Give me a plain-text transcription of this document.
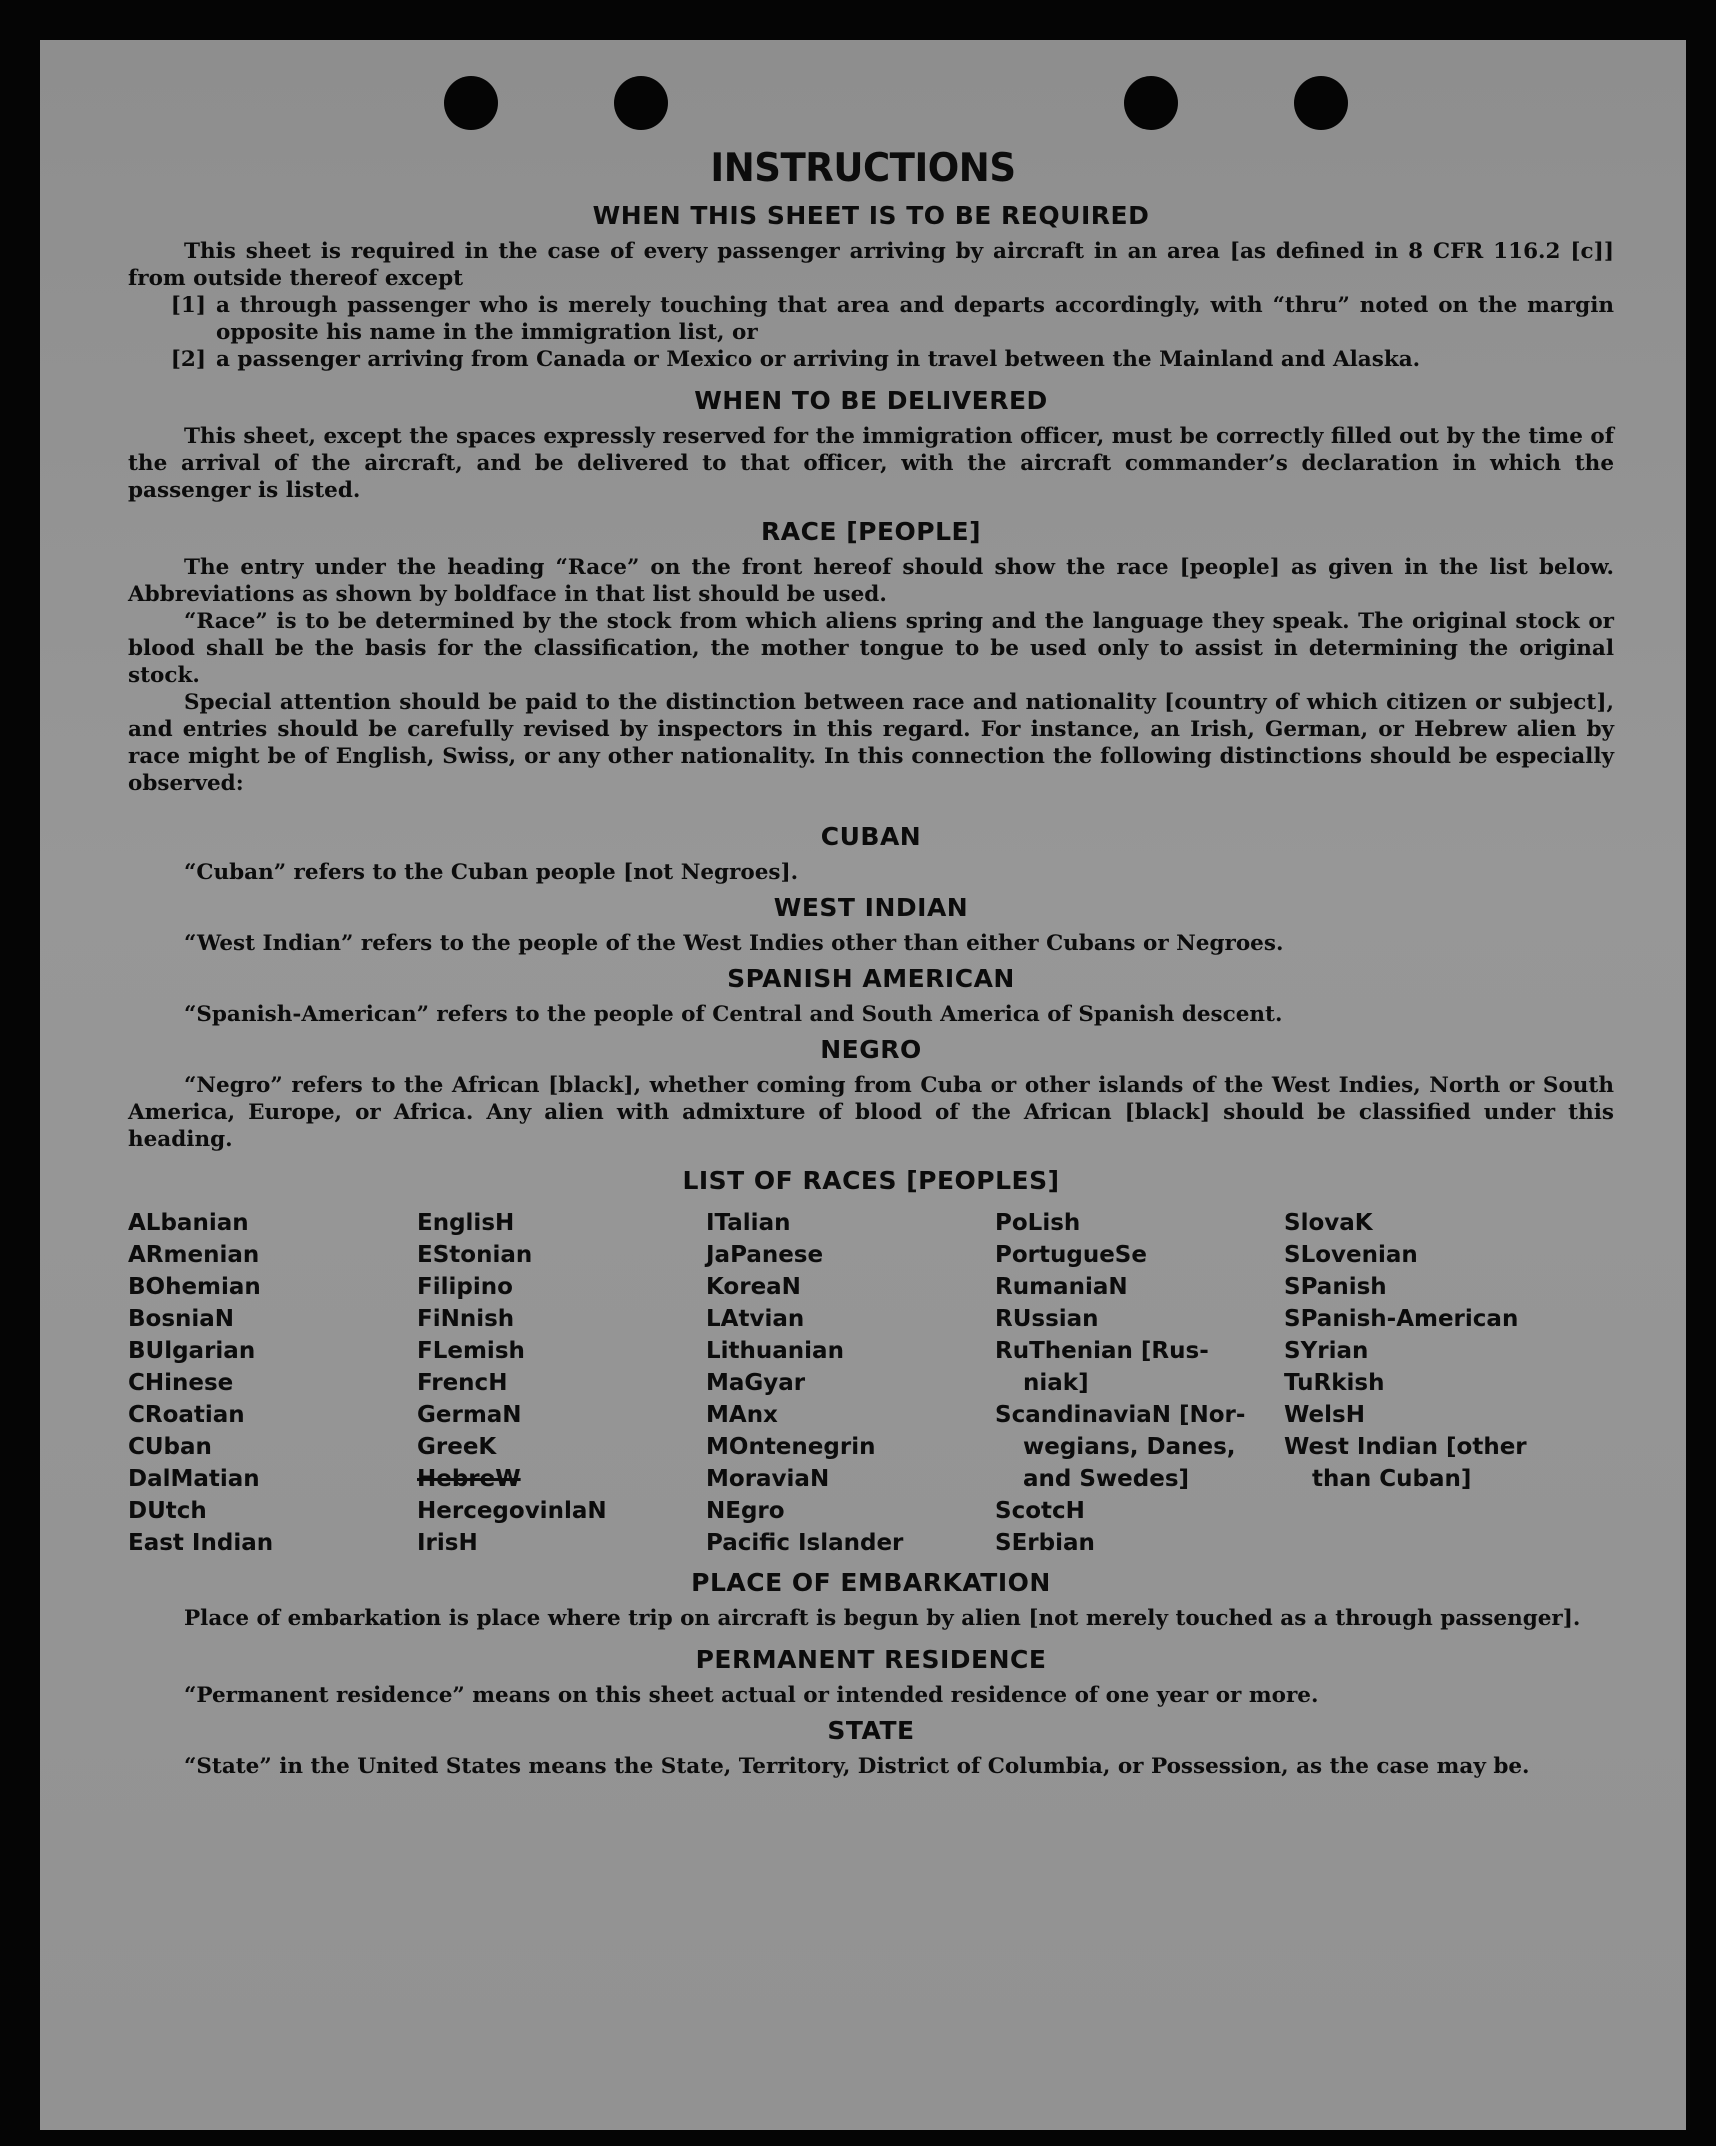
INSTRUCTIONS
WHEN THIS SHEET IS TO BE REQUIRED

This sheet is required in the case of every passenger arriving by aircraft in an area [as defined in 8 CFR 116.2 [c]] from outside thereof except

[1] a through passenger who is merely touching that area and departs accordingly, with “thru” noted on the margin opposite his name in the immigration list, or
[2] a passenger arriving from Canada or Mexico or arriving in travel between the Mainland and Alaska.
WHEN TO BE DELIVERED

This sheet, except the spaces expressly reserved for the immigration officer, must be correctly filled out by the time of the arrival of the aircraft, and be delivered to that officer, with the aircraft commander’s declaration in which the passenger is listed.

RACE [PEOPLE]

The entry under the heading “Race” on the front hereof should show the race [people] as given in the list below. Abbreviations as shown by boldface in that list should be used.

“Race” is to be determined by the stock from which aliens spring and the language they speak. The original stock or blood shall be the basis for the classification, the mother tongue to be used only to assist in determining the original stock.

Special attention should be paid to the distinction between race and nationality [country of which citizen or subject], and entries should be carefully revised by inspectors in this regard. For instance, an Irish, German, or Hebrew alien by race might be of English, Swiss, or any other nationality. In this connection the following distinctions should be especially observed:

CUBAN

“Cuban” refers to the Cuban people [not Negroes].

WEST INDIAN

“West Indian” refers to the people of the West Indies other than either Cubans or Negroes.

SPANISH AMERICAN

“Spanish-American” refers to the people of Central and South America of Spanish descent.

NEGRO

“Negro” refers to the African [black], whether coming from Cuba or other islands of the West Indies, North or South America, Europe, or Africa. Any alien with admixture of blood of the African [black] should be classified under this heading.

LIST OF RACES [PEOPLES]
ALbanian
ARmenian
BOhemian
BosniaN
BUlgarian
CHinese
CRoatian
CUban
DalMatian
DUtch
East Indian
EnglisH
EStonian
Filipino
FiNnish
FLemish
FrencH
GermaN
GreeK
HebreW
HercegovinlaN
IrisH
ITalian
JaPanese
KoreaN
LAtvian
Lithuanian
MaGyar
MAnx
MOntenegrin
MoraviaN
NEgro
Pacific Islander
PoLish
PortugueSe
RumaniaN
RUssian
RuThenian [Rus-
niak]
ScandinaviaN [Nor-
wegians, Danes,
and Swedes]
ScotcH
SErbian
SlovaK
SLovenian
SPanish
SPanish-American
SYrian
TuRkish
WelsH
West Indian [other
than Cuban]
PLACE OF EMBARKATION

Place of embarkation is place where trip on aircraft is begun by alien [not merely touched as a through passenger].

PERMANENT RESIDENCE

“Permanent residence” means on this sheet actual or intended residence of one year or more.

STATE

“State” in the United States means the State, Territory, District of Columbia, or Possession, as the case may be.
